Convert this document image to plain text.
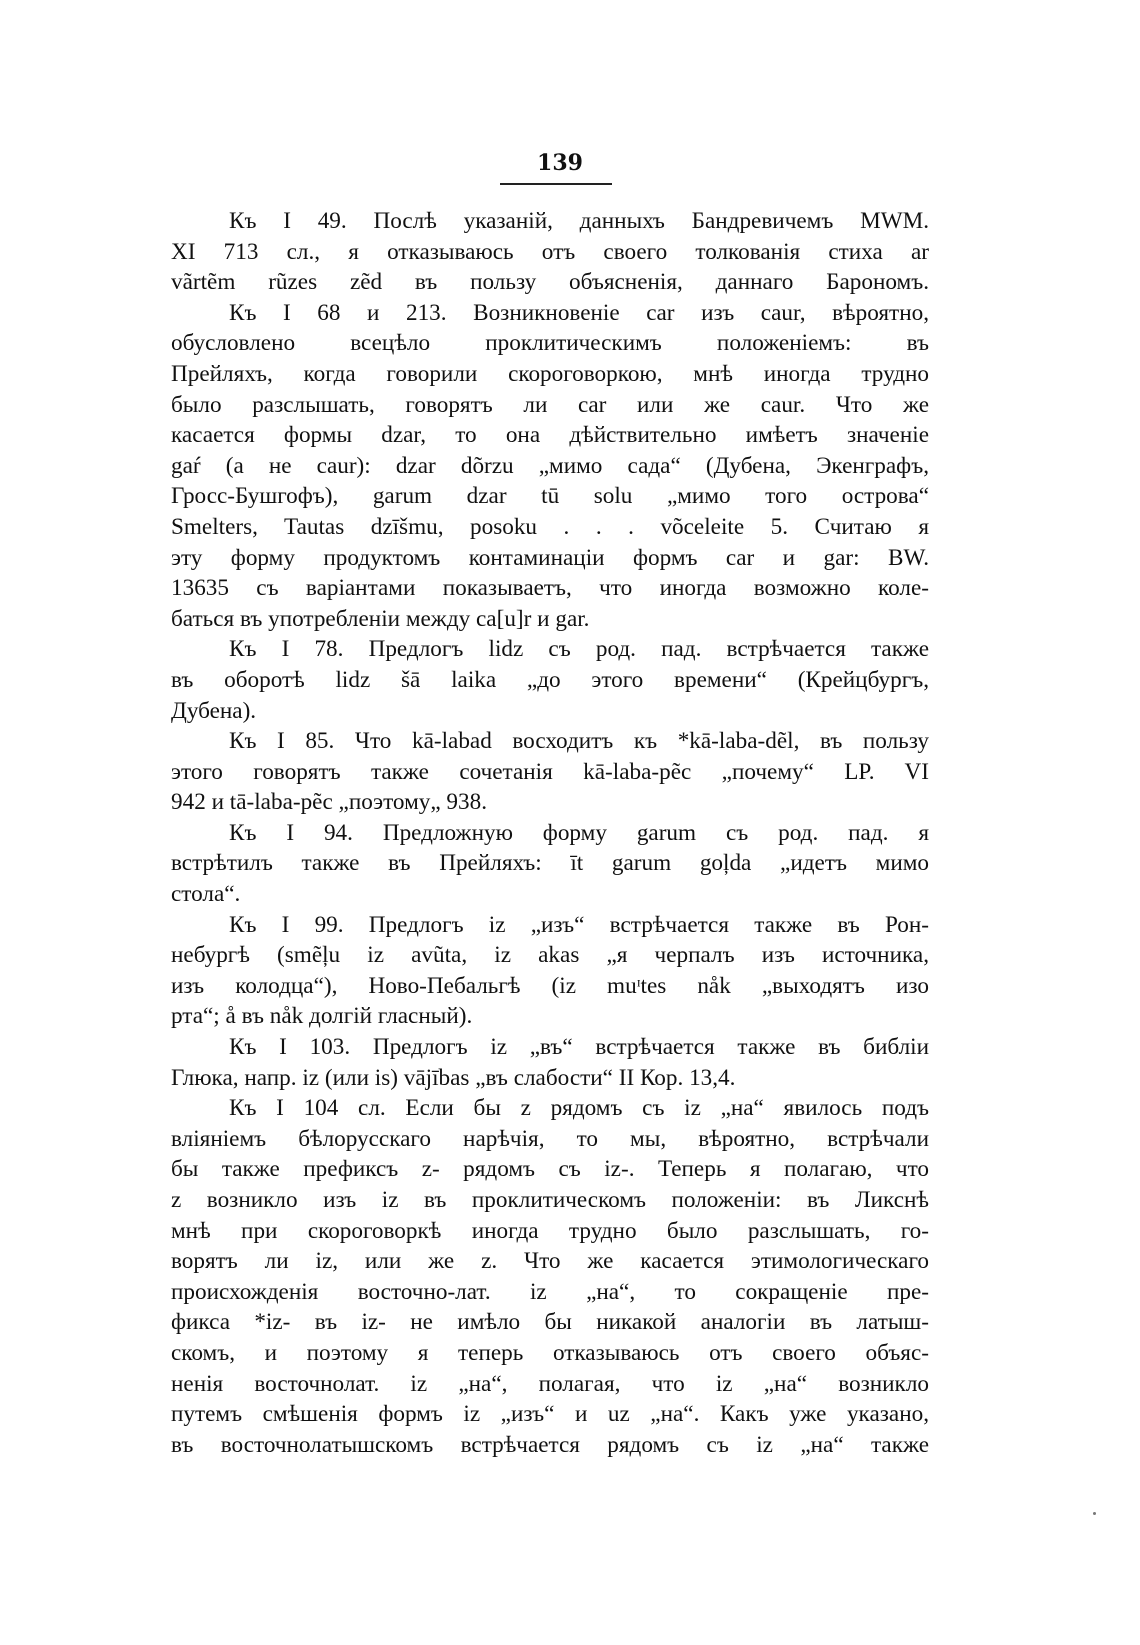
139
Къ I 49. Послѣ указаній, данныхъ Бандревичемъ MWM.
XI 713 сл., я отказываюсь отъ своего толкованія стиха ar
vãrtẽm rũzes zẽd въ пользу объясненія, даннаго Барономъ.
Къ I 68 и 213. Возникновеніе car изъ caur, вѣроятно,
обусловлено всецѣло проклитическимъ положеніемъ: въ
Прейляхъ, когда говорили скороговоркою, мнѣ иногда трудно
было разслышать, говорятъ ли car или же caur. Что же
касается формы dzar, то она дѣйствительно имѣетъ значеніе
gaŕ (а не caur): dzar dõrzu „мимо сада“ (Дубена, Экенграфъ,
Гросс-Бушгофъ), garum dzar tū solu „мимо того острова“
Smelters, Tautas dzīšmu, posoku . . . võceleite 5. Считаю я
эту форму продуктомъ контаминаціи формъ car и gar: BW.
13635 съ варіантами показываетъ, что иногда возможно коле-
баться въ употребленіи между ca[u]r и gar.
Къ I 78. Предлогъ lidz съ род. пад. встрѣчается также
въ оборотѣ lidz šā laika „до этого времени“ (Крейцбургъ,
Дубена).
Къ I 85. Что kā-labad восходитъ къ *kā-laba-dẽl, въ пользу
этого говорятъ также сочетанія kā-laba-pẽc „почему“ LP. VI
942 и tā-laba-pẽc „поэтому„ 938.
Къ I 94. Предложную форму garum съ род. пад. я
встрѣтилъ также въ Прейляхъ: īt garum goļda „идетъ мимо
стола“.
Къ I 99. Предлогъ iz „изъ“ встрѣчается также въ Рон-
небургѣ (smẽļu iz avũta, iz akas „я черпалъ изъ источника,
изъ колодца“), Ново-Пебальгѣ (iz muᶦtes nåk „выходятъ изо
рта“; å въ nåk долгій гласный).
Къ I 103. Предлогъ iz „въ“ встрѣчается также въ библіи
Глюка, напр. iz (или is) vājības „въ слабости“ II Кор. 13,4.
Къ I 104 сл. Если бы z рядомъ съ iz „на“ явилось подъ
вліяніемъ бѣлорусскаго нарѣчія, то мы, вѣроятно, встрѣчали
бы также префиксъ z- рядомъ съ iz-. Теперь я полагаю, что
z возникло изъ iz въ проклитическомъ положеніи: въ Ликснѣ
мнѣ при скороговоркѣ иногда трудно было разслышать, го-
ворятъ ли iz, или же z. Что же касается этимологическаго
происхожденія восточно-лат. iz „на“, то сокращеніе пре-
фикса *iz- въ iz- не имѣло бы никакой аналогіи въ латыш-
скомъ, и поэтому я теперь отказываюсь отъ своего объяс-
ненія восточнолат. iz „на“, полагая, что iz „на“ возникло
путемъ смѣшенія формъ iz „изъ“ и uz „на“. Какъ уже указано,
въ восточнолатышскомъ встрѣчается рядомъ съ iz „на“ также
